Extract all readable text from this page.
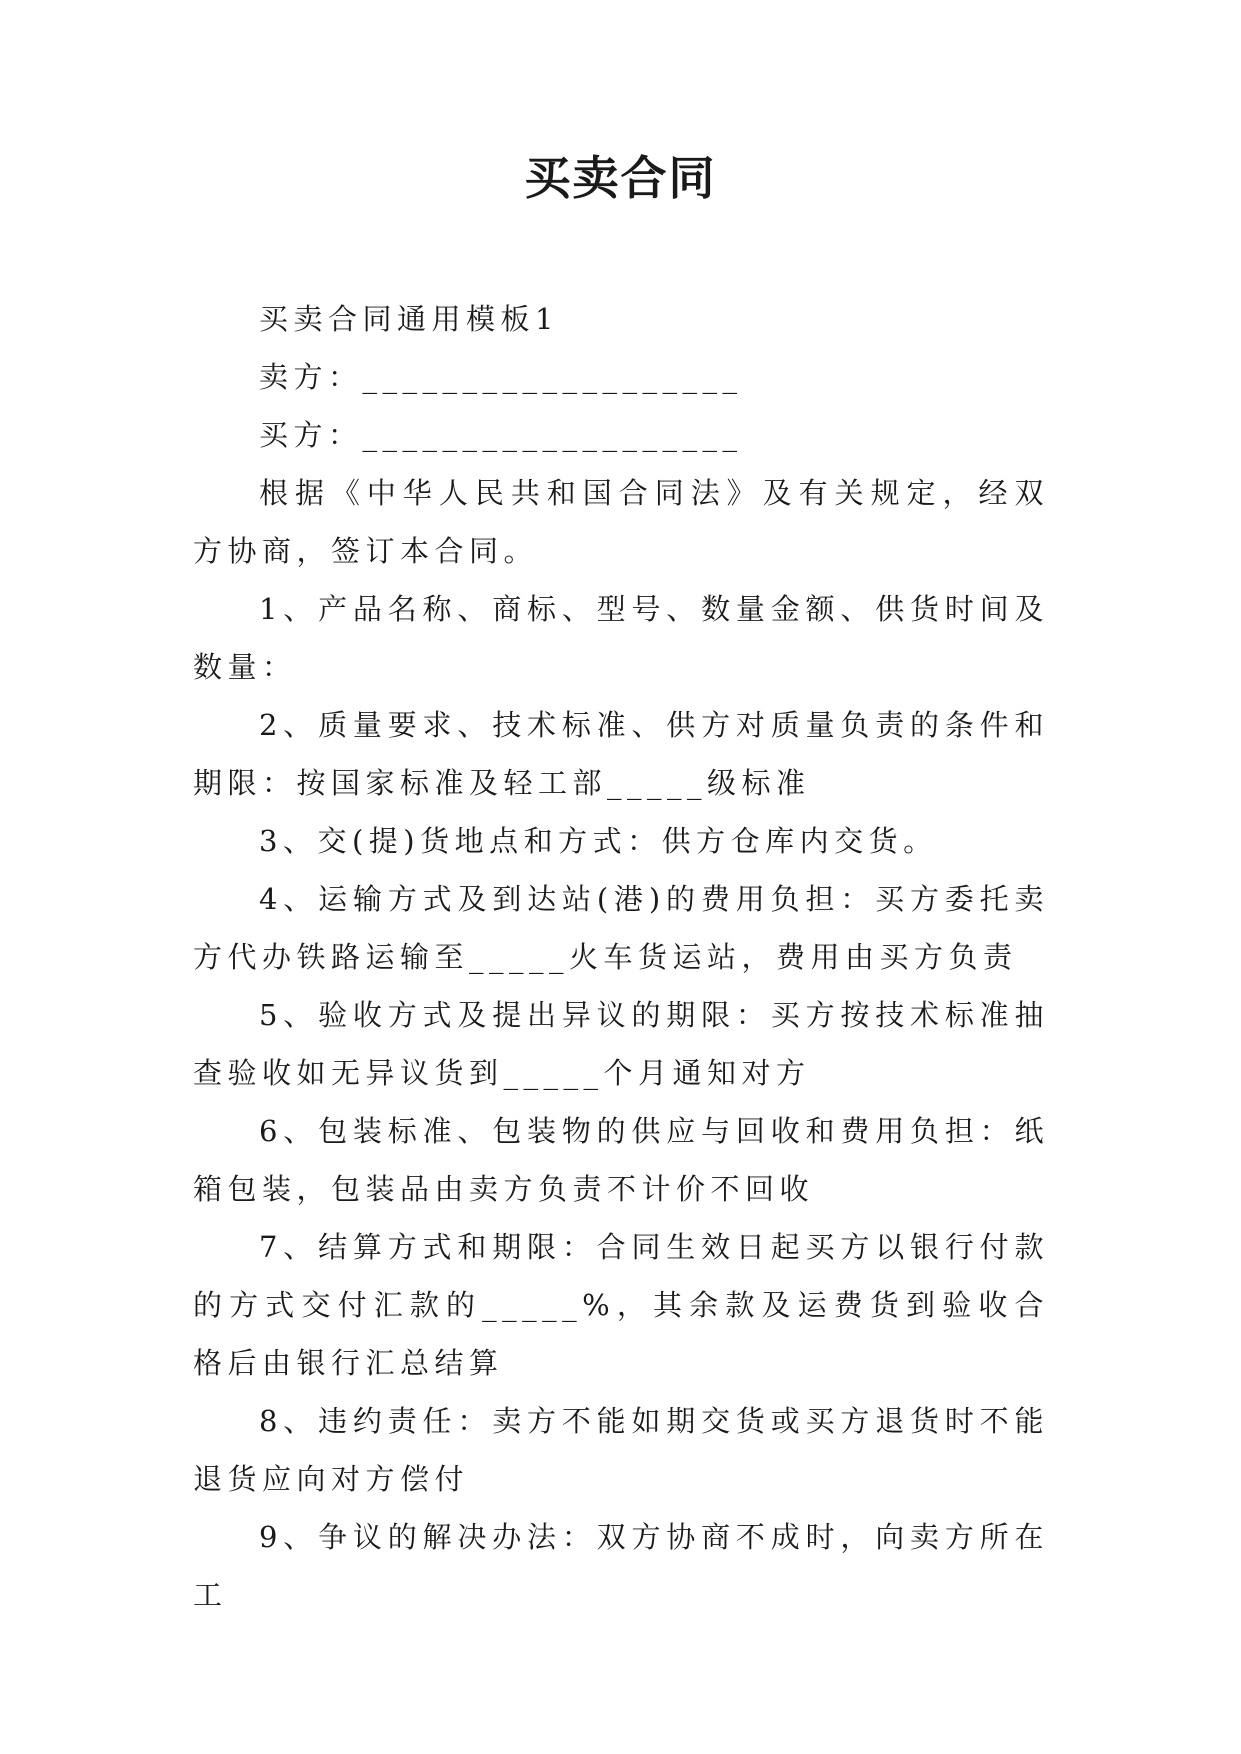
买卖合同

买卖合同通用模板1

卖方：___________________

买方：___________________

根据《中华人民共和国合同法》及有关规定，经双方协商，签订本合同。

1、产品名称、商标、型号、数量金额、供货时间及数量：

2、质量要求、技术标准、供方对质量负责的条件和期限：按国家标准及轻工部_____级标准

3、交(提)货地点和方式：供方仓库内交货。

4、运输方式及到达站(港)的费用负担：买方委托卖方代办铁路运输至_____火车货运站，费用由买方负责

5、验收方式及提出异议的期限：买方按技术标准抽查验收如无异议货到_____个月通知对方

6、包装标准、包装物的供应与回收和费用负担：纸箱包装，包装品由卖方负责不计价不回收

7、结算方式和期限：合同生效日起买方以银行付款的方式交付汇款的_____%，其余款及运费货到验收合格后由银行汇总结算

8、违约责任：卖方不能如期交货或买方退货时不能退货应向对方偿付

9、争议的解决办法：双方协商不成时，向卖方所在工
